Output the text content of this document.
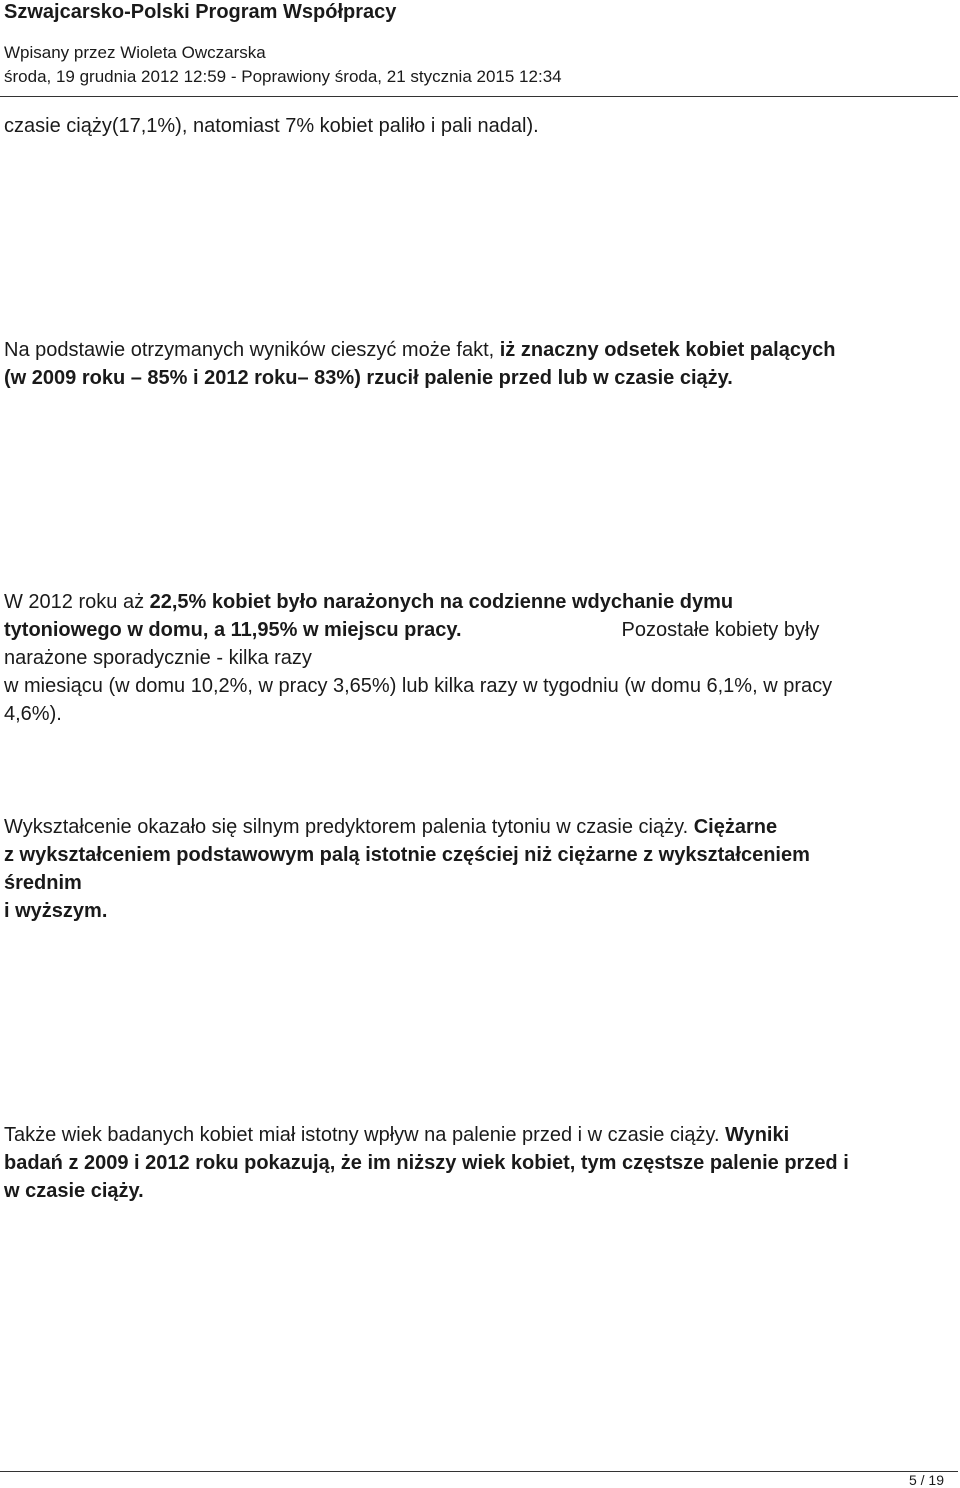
Szwajcarsko-Polski Program Współpracy
Wpisany przez Wioleta Owczarska
środa, 19 grudnia 2012 12:59 - Poprawiony środa, 21 stycznia 2015 12:34

czasie ciąży(17,1%), natomiast 7% kobiet paliło i pali nadal).

Na podstawie otrzymanych wyników cieszyć może fakt, iż znaczny odsetek kobiet palących
(w 2009 roku – 85% i 2012 roku– 83%) rzucił palenie przed lub w czasie ciąży.

W 2012 roku aż 22,5% kobiet było narażonych na codzienne wdychanie dymu
tytoniowego w domu, a 11,95% w miejscu pracy.	Pozostałe kobiety były
narażone sporadycznie - kilka razy
w miesiącu (w domu 10,2%, w pracy 3,65%) lub kilka razy w tygodniu (w domu 6,1%, w pracy
4,6%).

Wykształcenie okazało się silnym predyktorem palenia tytoniu w czasie ciąży. Ciężarne
z wykształceniem podstawowym palą istotnie częściej niż ciężarne z wykształceniem
średnim
i wyższym.

Także wiek badanych kobiet miał istotny wpływ na palenie przed i w czasie ciąży. Wyniki
badań z 2009 i 2012 roku pokazują, że im niższy wiek kobiet, tym częstsze palenie przed i
w czasie ciąży.

5 / 19
